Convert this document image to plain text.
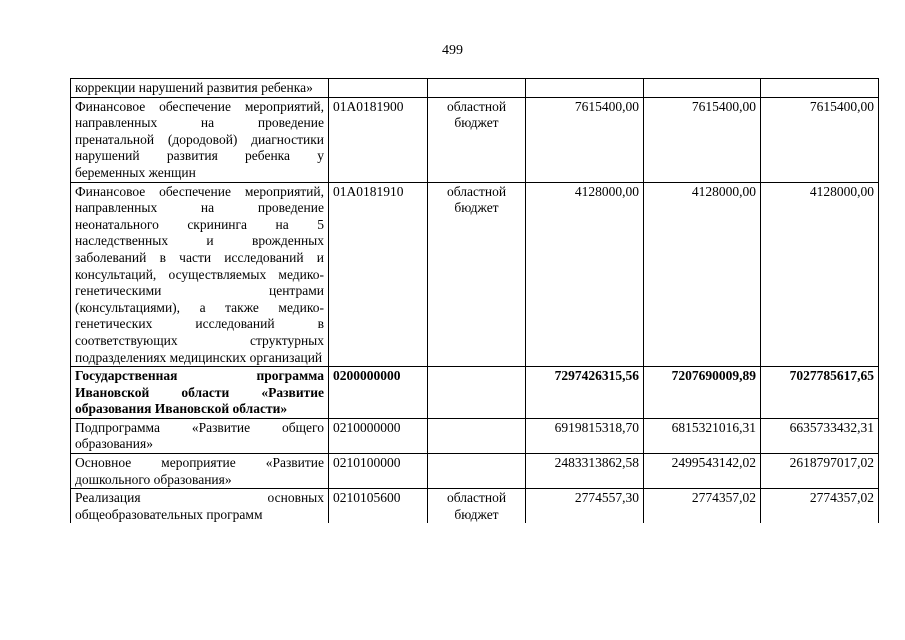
499
коррекции нарушений развития ребенка»					
Финансовое обеспечение мероприятий, направленных на проведение пренатальной (дородовой) диагностики нарушений развития ребенка у беременных женщин	01А0181900	областной бюджет	7615400,00	7615400,00	7615400,00
Финансовое обеспечение мероприятий, направленных на проведение неонатального скрининга на 5 наследственных и врожденных заболеваний в части исследований и консультаций, осуществляемых медико-генетическими центрами (консультациями), а также медико-генетических исследований в соответствующих структурных подразделениях медицинских организаций	01А0181910	областной бюджет	4128000,00	4128000,00	4128000,00
Государственная программа Ивановской области «Развитие образования Ивановской области»	0200000000		7297426315,56	7207690009,89	7027785617,65
Подпрограмма «Развитие общего образования»	0210000000		6919815318,70	6815321016,31	6635733432,31
Основное мероприятие «Развитие дошкольного образования»	0210100000		2483313862,58	2499543142,02	2618797017,02
Реализация основных общеобразовательных программ	0210105600	областной бюджет	2774557,30	2774357,02	2774357,02
